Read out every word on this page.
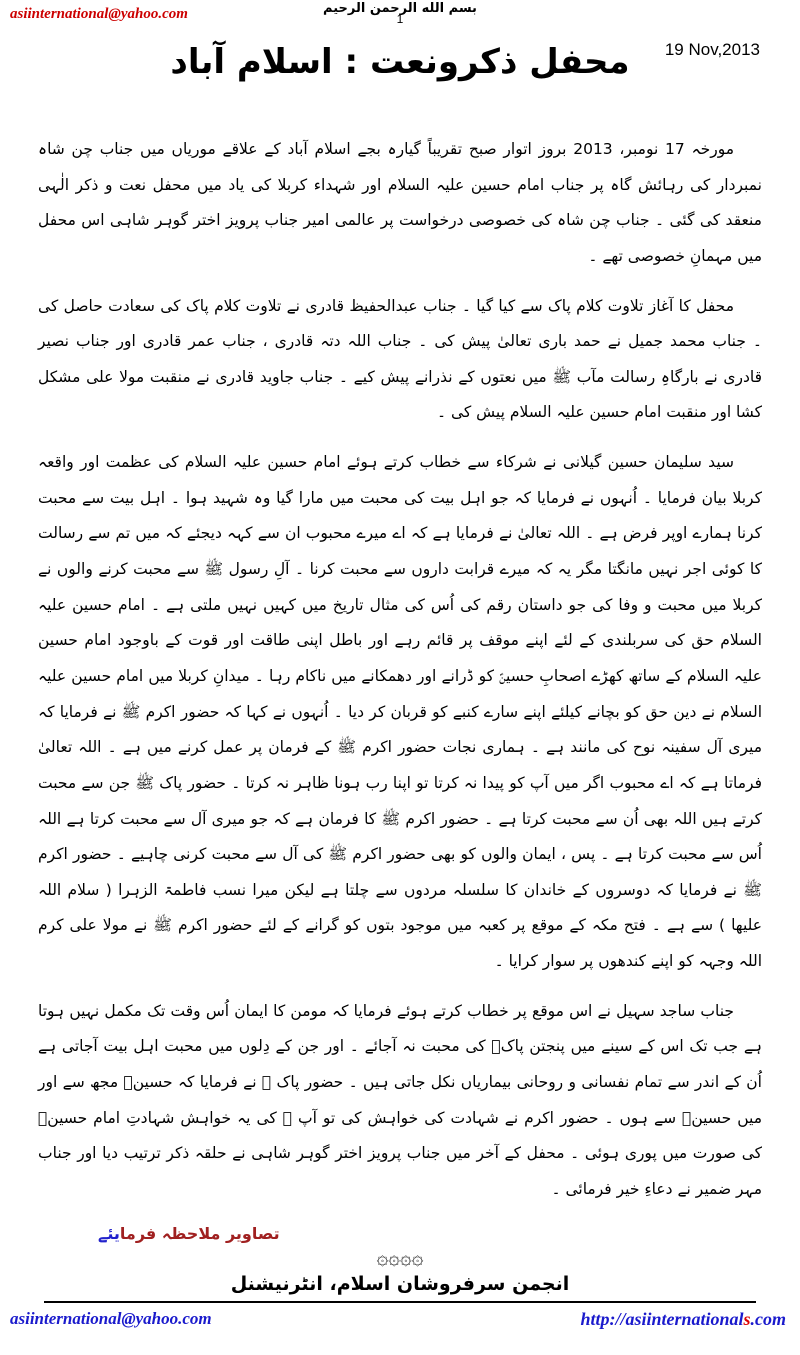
asiinternational@yahoo.com	بسم الله الرحمن الرحيم
1
19 Nov,2013
محفل ذکرونعت : اسلام آباد

مورخہ 17 نومبر، 2013 بروز اتوار صبح تقریباً گیارہ بجے اسلام آباد کے علاقے موریاں میں جناب چن شاہ نمبردار کی رہائش گاہ پر جناب امام حسین علیہ السلام اور شہداء کربلا کی یاد میں محفل نعت و ذکر الٰہی منعقد کی گئی ۔ جناب چن شاہ کی خصوصی درخواست پر عالمی امیر جناب پرویز اختر گوہر شاہی اس محفل میں مہمانِ خصوصی تھے ۔

محفل کا آغاز تلاوت کلام پاک سے کیا گیا ۔ جناب عبدالحفیظ قادری نے تلاوت کلام پاک کی سعادت حاصل کی ۔ جناب محمد جمیل نے حمد باری تعالیٰ پیش کی ۔ جناب اللہ دتہ قادری ، جناب عمر قادری اور جناب نصیر قادری نے بارگاہِ رسالت مآب ﷺ میں نعتوں کے نذرانے پیش کیے ۔ جناب جاوید قادری نے منقبت مولا علی مشکل کشا اور منقبت امام حسین علیہ السلام پیش کی ۔

سید سلیمان حسین گیلانی نے شرکاء سے خطاب کرتے ہوئے امام حسین علیہ السلام کی عظمت اور واقعہ کربلا بیان فرمایا ۔ اُنہوں نے فرمایا کہ جو اہل بیت کی محبت میں مارا گیا وہ شہید ہوا ۔ اہل بیت سے محبت کرنا ہمارے اوپر فرض ہے ۔ اللہ تعالیٰ نے فرمایا ہے کہ اے میرے محبوب ان سے کہہ دیجئے کہ میں تم سے رسالت کا کوئی اجر نہیں مانگتا مگر یہ کہ میرے قرابت داروں سے محبت کرنا ۔ آلِ رسول ﷺ سے محبت کرنے والوں نے کربلا میں محبت و وفا کی جو داستان رقم کی اُس کی مثال تاریخ میں کہیں نہیں ملتی ہے ۔ امام حسین علیہ السلام حق کی سربلندی کے لئے اپنے موقف پر قائم رہے اور باطل اپنی طاقت اور قوت کے باوجود امام حسین علیہ السلام کے ساتھ کھڑے اصحابِ حسینؑ کو ڈرانے اور دھمکانے میں ناکام رہا ۔ میدانِ کربلا میں امام حسین علیہ السلام نے دین حق کو بچانے کیلئے اپنے سارے کنبے کو قربان کر دیا ۔ اُنہوں نے کہا کہ حضور اکرم ﷺ نے فرمایا کہ میری آل سفینہ نوح کی مانند ہے ۔ ہماری نجات حضور اکرم ﷺ کے فرمان پر عمل کرنے میں ہے ۔ اللہ تعالیٰ فرماتا ہے کہ اے محبوب اگر میں آپ کو پیدا نہ کرتا تو اپنا رب ہونا ظاہر نہ کرتا ۔ حضور پاک ﷺ جن سے محبت کرتے ہیں اللہ بھی اُن سے محبت کرتا ہے ۔ حضور اکرم ﷺ کا فرمان ہے کہ جو میری آل سے محبت کرتا ہے اللہ اُس سے محبت کرتا ہے ۔ پس ، ایمان والوں کو بھی حضور اکرم ﷺ کی آل سے محبت کرنی چاہیے ۔ حضور اکرم ﷺ نے فرمایا کہ دوسروں کے خاندان کا سلسلہ مردوں سے چلتا ہے لیکن میرا نسب فاطمۃ الزہرا ( سلام اللہ علیھا ) سے ہے ۔ فتح مکہ کے موقع پر کعبہ میں موجود بتوں کو گرانے کے لئے حضور اکرم ﷺ نے مولا علی کرم اللہ وجہہ کو اپنے کندھوں پر سوار کرایا ۔

جناب ساجد سہیل نے اس موقع پر خطاب کرتے ہوئے فرمایا کہ مومن کا ایمان اُس وقت تک مکمل نہیں ہوتا ہے جب تک اس کے سینے میں پنجتن پاکؑ کی محبت نہ آجائے ۔ اور جن کے دِلوں میں محبت اہل بیت آجاتی ہے اُن کے اندر سے تمام نفسانی و روحانی بیماریاں نکل جاتی ہیں ۔ حضور پاک ﷺ نے فرمایا کہ حسینؑ مجھ سے اور میں حسینؑ سے ہوں ۔ حضور اکرم نے شہادت کی خواہش کی تو آپ ﷺ کی یہ خواہش شہادتِ امام حسینؑ کی صورت میں پوری ہوئی ۔ محفل کے آخر میں جناب پرویز اختر گوہر شاہی نے حلقہ ذکر ترتیب دیا اور جناب مہر ضمیر نے دعاءِ خیر فرمائی ۔

تصاویر ملاحظہ فرمایئے
۞۞۞۞
انجمن سرفروشان اسلام، انٹرنیشنل
asiinternational@yahoo.com	http://asiinternationals.com
